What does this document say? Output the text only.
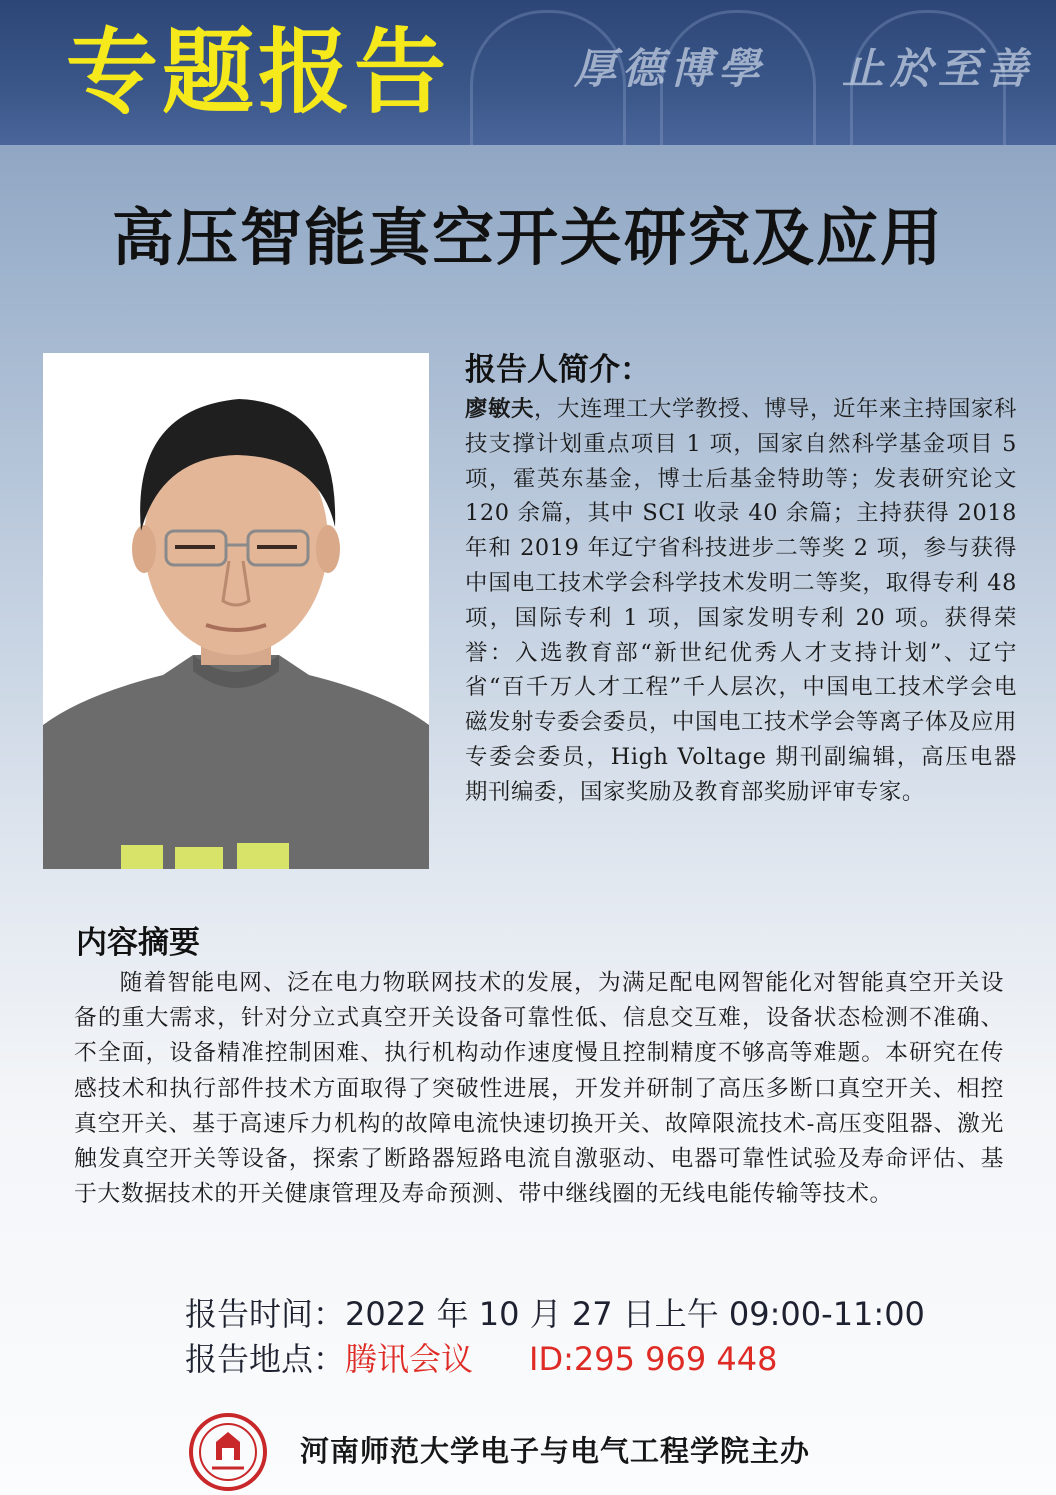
专题报告	厚德博學 止於至善
高压智能真空开关研究及应用
报告人简介：
廖敏夫，大连理工大学教授、博导，近年来主持国家科技支撑计划重点项目 1 项，国家自然科学基金项目 5 项，霍英东基金，博士后基金特助等；发表研究论文 120 余篇，其中 SCI 收录 40 余篇；主持获得 2018 年和 2019 年辽宁省科技进步二等奖 2 项，参与获得中国电工技术学会科学技术发明二等奖，取得专利 48 项，国际专利 1 项，国家发明专利 20 项。获得荣誉：入选教育部“新世纪优秀人才支持计划”、辽宁省“百千万人才工程”千人层次，中国电工技术学会电磁发射专委会委员，中国电工技术学会等离子体及应用专委会委员，High Voltage 期刊副编辑，高压电器期刊编委，国家奖励及教育部奖励评审专家。
内容摘要
随着智能电网、泛在电力物联网技术的发展，为满足配电网智能化对智能真空开关设备的重大需求，针对分立式真空开关设备可靠性低、信息交互难，设备状态检测不准确、不全面，设备精准控制困难、执行机构动作速度慢且控制精度不够高等难题。本研究在传感技术和执行部件技术方面取得了突破性进展，开发并研制了高压多断口真空开关、相控真空开关、基于高速斥力机构的故障电流快速切换开关、故障限流技术-高压变阻器、激光触发真空开关等设备，探索了断路器短路电流自激驱动、电器可靠性试验及寿命评估、基于大数据技术的开关健康管理及寿命预测、带中继线圈的无线电能传输等技术。
报告时间：2022 年 10 月 27 日上午 09:00-11:00
报告地点：腾讯会议 ID:295 969 448
河南师范大学电子与电气工程学院主办
